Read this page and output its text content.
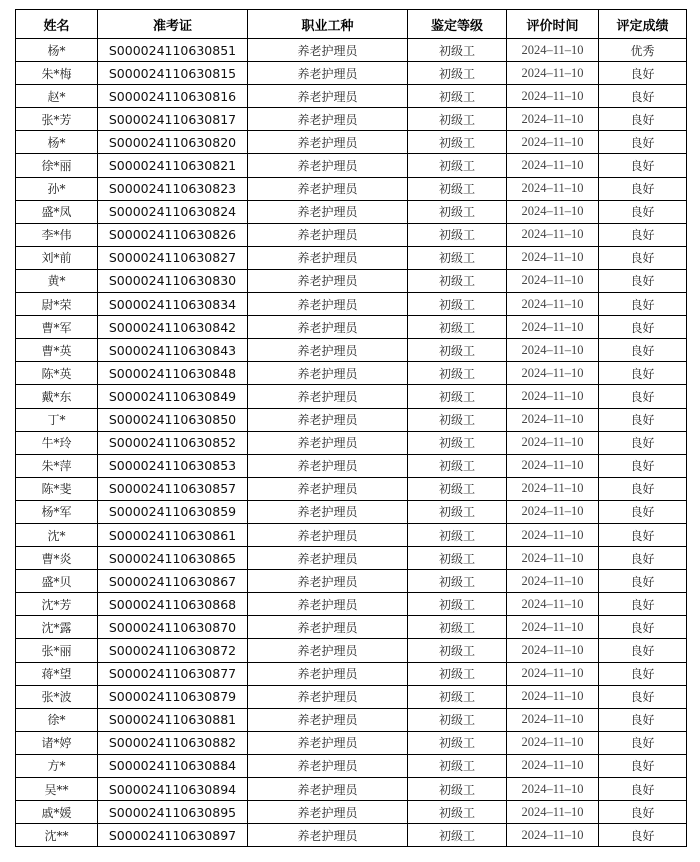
姓名	准考证	职业工种	鉴定等级	评价时间	评定成绩
杨*	S000024110630851	养老护理员	初级工	2024–11–10	优秀
朱*梅	S000024110630815	养老护理员	初级工	2024–11–10	良好
赵*	S000024110630816	养老护理员	初级工	2024–11–10	良好
张*芳	S000024110630817	养老护理员	初级工	2024–11–10	良好
杨*	S000024110630820	养老护理员	初级工	2024–11–10	良好
徐*丽	S000024110630821	养老护理员	初级工	2024–11–10	良好
孙*	S000024110630823	养老护理员	初级工	2024–11–10	良好
盛*凤	S000024110630824	养老护理员	初级工	2024–11–10	良好
李*伟	S000024110630826	养老护理员	初级工	2024–11–10	良好
刘*前	S000024110630827	养老护理员	初级工	2024–11–10	良好
黄*	S000024110630830	养老护理员	初级工	2024–11–10	良好
尉*荣	S000024110630834	养老护理员	初级工	2024–11–10	良好
曹*军	S000024110630842	养老护理员	初级工	2024–11–10	良好
曹*英	S000024110630843	养老护理员	初级工	2024–11–10	良好
陈*英	S000024110630848	养老护理员	初级工	2024–11–10	良好
戴*东	S000024110630849	养老护理员	初级工	2024–11–10	良好
丁*	S000024110630850	养老护理员	初级工	2024–11–10	良好
牛*玲	S000024110630852	养老护理员	初级工	2024–11–10	良好
朱*萍	S000024110630853	养老护理员	初级工	2024–11–10	良好
陈*斐	S000024110630857	养老护理员	初级工	2024–11–10	良好
杨*军	S000024110630859	养老护理员	初级工	2024–11–10	良好
沈*	S000024110630861	养老护理员	初级工	2024–11–10	良好
曹*炎	S000024110630865	养老护理员	初级工	2024–11–10	良好
盛*贝	S000024110630867	养老护理员	初级工	2024–11–10	良好
沈*芳	S000024110630868	养老护理员	初级工	2024–11–10	良好
沈*露	S000024110630870	养老护理员	初级工	2024–11–10	良好
张*丽	S000024110630872	养老护理员	初级工	2024–11–10	良好
蒋*望	S000024110630877	养老护理员	初级工	2024–11–10	良好
张*波	S000024110630879	养老护理员	初级工	2024–11–10	良好
徐*	S000024110630881	养老护理员	初级工	2024–11–10	良好
诸*婷	S000024110630882	养老护理员	初级工	2024–11–10	良好
方*	S000024110630884	养老护理员	初级工	2024–11–10	良好
吴**	S000024110630894	养老护理员	初级工	2024–11–10	良好
戚*媛	S000024110630895	养老护理员	初级工	2024–11–10	良好
沈**	S000024110630897	养老护理员	初级工	2024–11–10	良好
